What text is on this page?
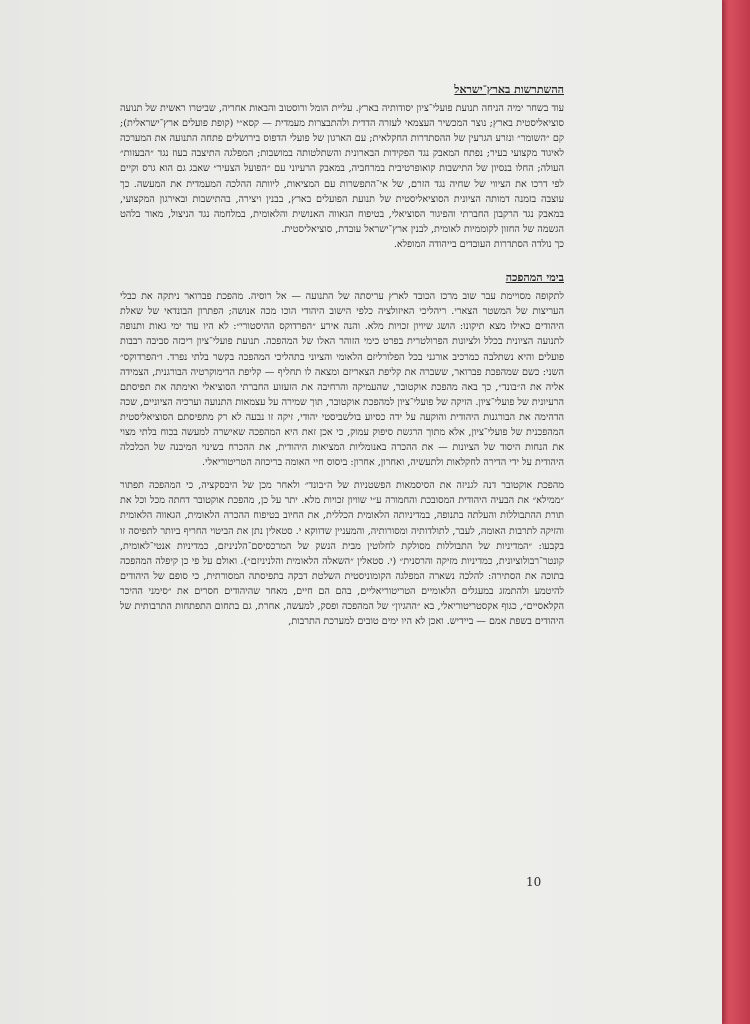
ההשתרשות בארץ־ישראל

עוד בשחר ימיה הניחה תנועת פועלי־ציון יסודותיה בארץ. עליית הומל ורוסטוב והבאות אחריה, שביטרו ראשית של תנועה סוציאליסטית בארץ; נוצר המכשיר העצמאי לעזרה הדדית ולהתבצרות מעמדית — קסא״י (קופת פועלים ארץ־ישראלית); קם ״השומר״ ונזרע הגרעין של ההסתדרות החקלאית; עם הארגון של פועלי הדפוס בירושלים פתחה התנועה את המערכה לאיגוד מקצועי בעיר; נפתח המאבק נגד הפקידות הבארונית והשתלטותה במושבות; המפלגה התיצבה בעוז נגד ״הבעזות״ העולה; החלו בנסיון של התישבות קואופרטיבית במרחביה, במאבק הרעיוני עם ״הפועל הצעיר״ שאבג גם הוא גרס וקיים לפי דרכו את הציווי של שחיה נגד הזרם, של אי־התפשרות עם המציאות, ליוותה ההלכה המעמדית את המעשה. כך עוצבה בזמנה דמותה הציונית הסוציאליסטית של תנועת הפועלים בארץ, בבנין ויצירה, בהתישבות ובאירגון המקצועי, במאבק נגד הרקבון החברתי והפיגור הסוציאלי, בטיפוח הגאווה האנושית והלאומית, במלחמה נגד הניצול, מאור בלהט הגשמה של החזון לקוממיות לאומית, לבנין ארץ־ישראל עובדת, סוציאליסטית.

כך נולדה הסתדרות העובדים בייהודה המופלא.

בימי המהפכה

לתקופה מסויימת עבר שוב מרכז הכובד לארץ עריסתה של התנועה — אל רוסיה. מהפכת פברואר ניתקה את כבלי העריצות של המשטר הצארי. ריהליכי האיזולציה כלפי הישוב היהודי הוכו מכה אנושה; הפתרון הבונדאי של שאלת היהודים כאילו מצא תיקונו: הושג שיויון זכויות מלא. והנה אירע ״הפרדוקס ההיסטורי״: לא היו עוד ימי גאות ותנופה לתנועה הציונית בכלל ולציונות הפרולטרית בפרט כימי הזוהר האלו של המהפכה. תנועת פועלי־ציון ריכזה סביבה רבבות פועלים והיא נשתלבה כמרכיב אורגני בכל הפלורליזם הלאומי והציוני בתהליכי המהפכה בקשר בלתי נפרד. ו״הפרדוקס״ השני: כשם שמהפכת פברואר, ששברה את קליפת הצאריזם ומצאה לו תחליף — קליפת הדימוקרטיה הבורגנית, הצמידה אליה את ה״בונד״, כך באה מהפכת אוקטובר, שהעמיקה והרחיבה את הזעזוע החברתי הסוציאלי ואימתה את תפיסתם הרעיונית של פועלי־ציון. הזיקה של פועלי־ציון למהפכת אוקטובר, תוך שמירה על עצמאות התנועה וערכיה הציוניים, שכה הדהימה את הבורגנות היהודית והוקעה על ידה כסיוע בולשביסטי יהודי, זיקה זו נבעה לא רק מתפיסתם הסוציאליסטית המהפכנית של פועלי־ציון, אלא מתוך הרגשת סיפוק עמוק, כי אכן זאת היא המהפכה שאישרה למעשה בכוח בלתי מצוי את הנחות היסוד של הציונות — את ההכרה באנומליות המציאות היהודית, את ההכרח בשינוי המיבנה של הכלכלה היהודית על ידי הדירה לחקלאות ולתעשיה, ואחרון, אחרון: ביסוס חיי האומה בריכוזה הטריטוריאלי.

מהפכת אוקטובר דנה לגניזה את הסיסמאות הפשטניות של ה״בונד״ ולאחר מכן של היבסקציה, כי המהפכה תפתור ״ממילא״ את הבעיה היהודית המסובכת והחמורה ע״י שוויון זכויות מלא. יתר על כן, מהפכת אוקטובר דחתה מכל וכל את תורת ההתבוללות והעלתה בתנופה, במדיניותה הלאומית הכללית, את החיוב בטיפוח ההכרה הלאומית, הגאווה הלאומית והזיקה לתרבות האומה, לעבר, לתולדותיה ומסורותיה, והמעניין שדווקא י. סטאלין נתן את הביטוי החריף ביותר לתפיסה זו בקבעו: ״המדיניות של התבוללות מסולקת לחלוטין מבית הנשק של המרכסיסם־הלניניזם, כמדיניות אנטי־לאומית, קונטר־רבולוציונית, כמדיניות מזיקה והרסנית״ (י. סטאלין ״השאלה הלאומית והלניניזם״). ואולם על פי כן קיפלה המהפכה בתוכה את הסתירה: להלכה נשארה המפלגה הקומוניסטית השלטת דבקה בתפיסתה המסורתית, כי סופם של היהודים להיטמע ולהתמזג במעגלים הלאומיים הטריטוריאליים, בהם הם חיים, מאחר שהיהודים חסרים את ״סימני ההיכר הקלאסיים״, כגוף אקסטריטוריאלי, בא ״ההגיון״ של המהפכה ופסק, למעשה, אחרת, גם בתחום התפתחות התרבותית של היהודים בשפת אמם — ביידיש. ואכן לא היו ימים טובים למערכת התרבות,

10
